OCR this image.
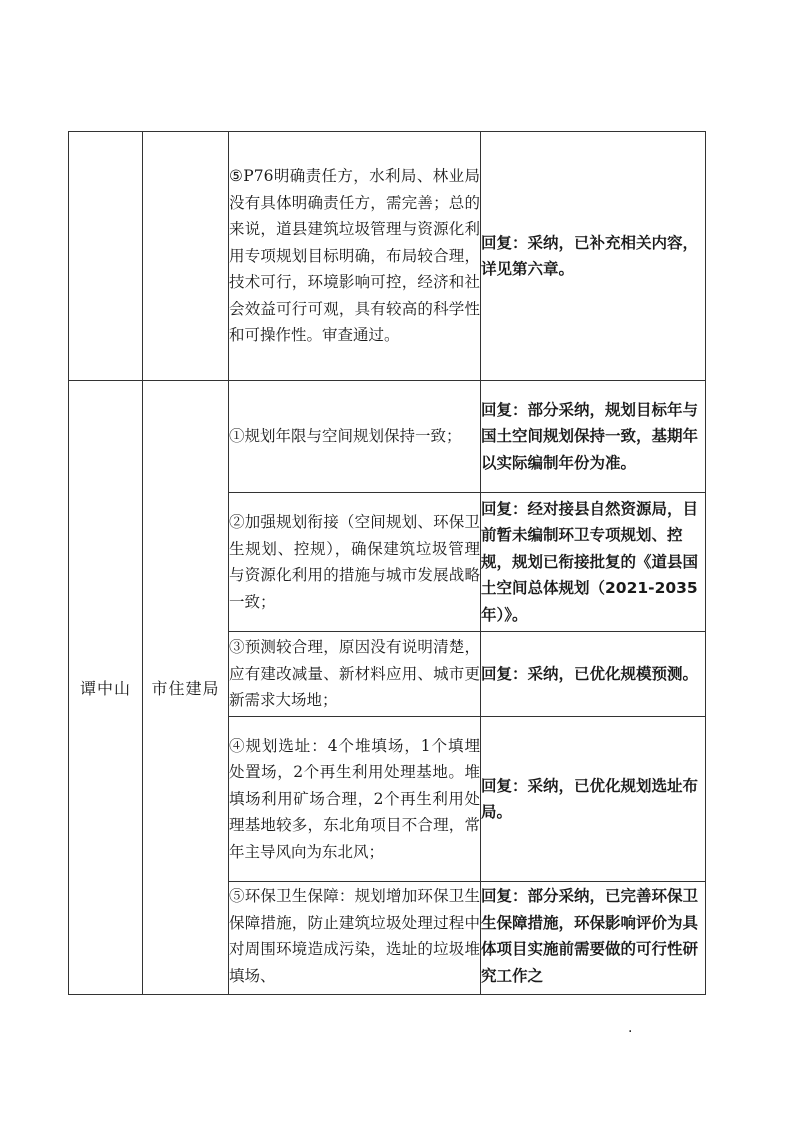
		⑤P76明确责任方，水利局、林业局没有具体明确责任方，需完善；总的来说，道县建筑垃圾管理与资源化利用专项规划目标明确，布局较合理，技术可行，环境影响可控，经济和社会效益可行可观，具有较高的科学性和可操作性。审查通过。	回复：采纳，已补充相关内容，详见第六章。
谭中山	市住建局	①规划年限与空间规划保持一致；	回复：部分采纳，规划目标年与国土空间规划保持一致，基期年以实际编制年份为准。
		②加强规划衔接（空间规划、环保卫生规划、控规），确保建筑垃圾管理与资源化利用的措施与城市发展战略一致；	回复：经对接县自然资源局，目前暂未编制环卫专项规划、控规，规划已衔接批复的《道县国土空间总体规划（2021-2035 年）》。
		③预测较合理，原因没有说明清楚，应有建改减量、新材料应用、城市更新需求大场地；	回复：采纳，已优化规模预测。
		④规划选址：4个堆填场，1个填埋处置场，2个再生利用处理基地。堆填场利用矿场合理，2个再生利用处理基地较多，东北角项目不合理，常年主导风向为东北风；	回复：采纳，已优化规划选址布局。
		⑤环保卫生保障：规划增加环保卫生保障措施，防止建筑垃圾处理过程中对周围环境造成污染，选址的垃圾堆填场、	回复：部分采纳，已完善环保卫生保障措施，环保影响评价为具体项目实施前需要做的可行性研究工作之
.
